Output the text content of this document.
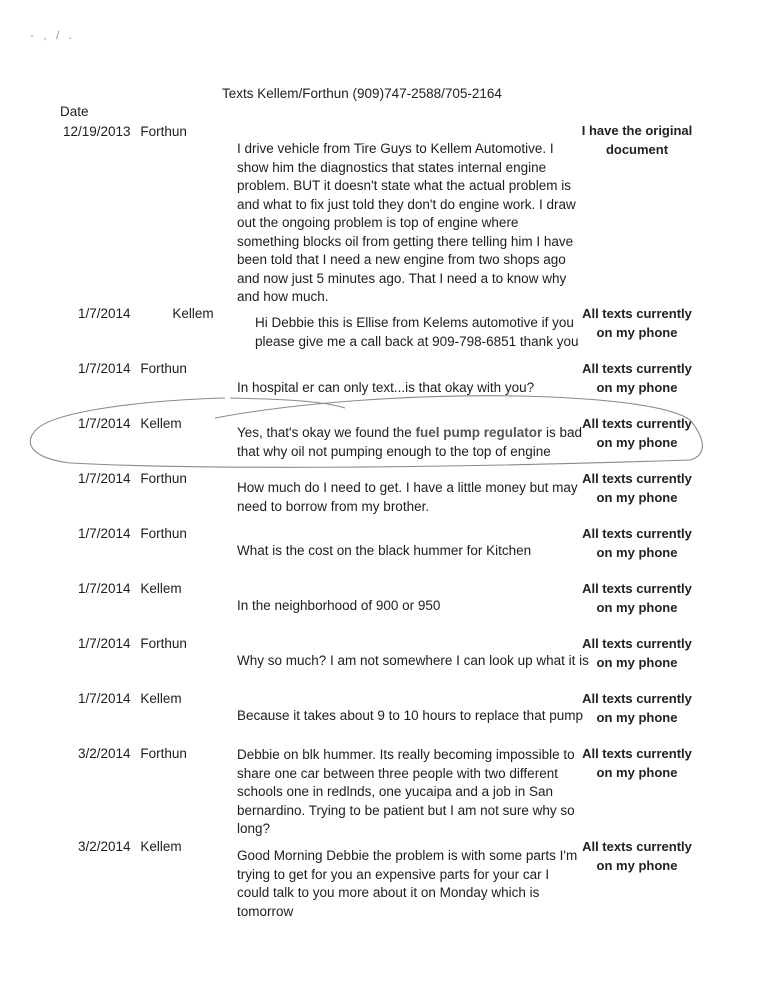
- , / .
Texts Kellem/Forthun (909)747-2588/705-2164
Date
12/19/2013 Forthun
I drive vehicle from Tire Guys to Kellem Automotive. I show him the diagnostics that states internal engine problem. BUT it doesn't state what the actual problem is and what to fix just told they don't do engine work. I draw out the ongoing problem is top of engine where something blocks oil from getting there telling him I have been told that I need a new engine from two shops ago and now just 5 minutes ago. That I need a to know why and how much.
I have the original document
1/7/2014	Kellem
Hi Debbie this is Ellise from Kelems automotive if you please give me a call back at 909-798-6851 thank you
All texts currently on my phone
1/7/2014 Forthun
In hospital er can only text...is that okay with you?
All texts currently on my phone
1/7/2014 Kellem
Yes, that's okay we found the fuel pump regulator is bad that why oil not pumping enough to the top of engine
All texts currently on my phone
1/7/2014 Forthun
How much do I need to get. I have a little money but may need to borrow from my brother.
All texts currently on my phone
1/7/2014 Forthun
What is the cost on the black hummer for Kitchen
All texts currently on my phone
1/7/2014 Kellem
In the neighborhood of 900 or 950
All texts currently on my phone
1/7/2014 Forthun
Why so much? I am not somewhere I can look up what it is
All texts currently on my phone
1/7/2014 Kellem
Because it takes about 9 to 10 hours to replace that pump
All texts currently on my phone
3/2/2014 Forthun	Debbie on blk hummer. Its really becoming impossible to share one car between three people with two different schools one in redlnds, one yucaipa and a job in San bernardino. Trying to be patient but I am not sure why so long?
All texts currently on my phone
3/2/2014 Kellem
Good Morning Debbie the problem is with some parts I'm trying to get for you an expensive parts for your car I could talk to you more about it on Monday which is tomorrow
All texts currently on my phone
